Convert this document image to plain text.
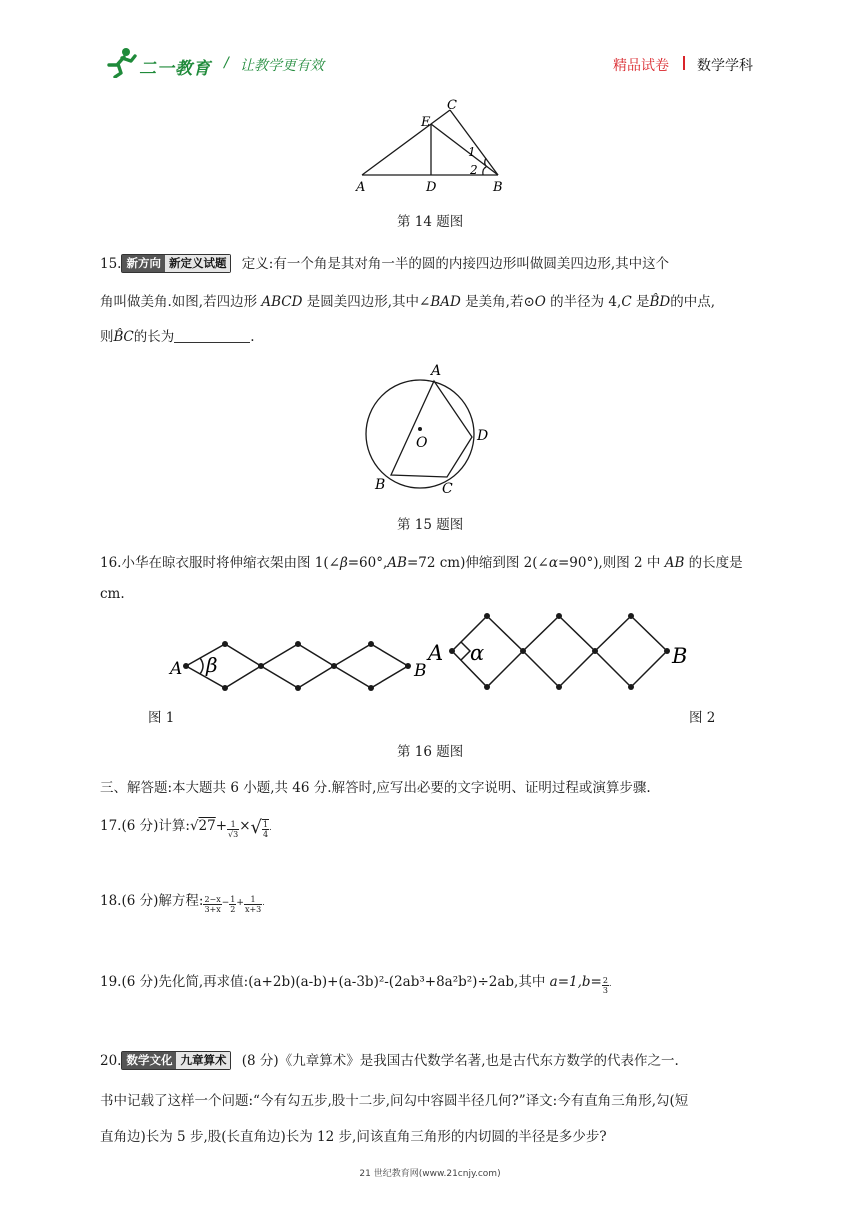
二一教育 / 让教学更有效	精品试卷 数学学科
A	D	B
E
C
1
2
第 14 题图
15. 新方向 新定义试题 定义:有一个角是其对角一半的圆的内接四边形叫做圆美四边形,其中这个
角叫做美角.如图,若四边形 ABCD 是圆美四边形,其中∠BAD 是美角,若⊙O 的半径为 4,C 是B̂D的中点,
则B̂C的长为	.
A
B	C
D
O
第 15 题图
16.小华在晾衣服时将伸缩衣架由图 1(∠β=60°,AB=72 cm)伸缩到图 2(∠α=90°),则图 2 中 AB 的长度是
cm.
A β	B
A α	B
图 1	图 2
第 16 题图
三、解答题:本大题共 6 小题,共 46 分.解答时,应写出必要的文字说明、证明过程或演算步骤.
17.(6 分)计算:√27+ $\frac{1}{√3}$ ×√ $\frac{1}{4}$ .
18.(6 分)解方程: $\frac{2-x}{3+x} - \frac{1}{2} + \frac{1}{x+3}$ .
19.(6 分)先化简,再求值:(a+2b)(a-b)+(a-3b)²-(2ab³+8a²b²)÷2ab,其中 $a=1,b= \frac{2}{3}$ .
20. 数学文化 九章算术 (8 分)《九章算术》是我国古代数学名著,也是古代东方数学的代表作之一.
书中记载了这样一个问题:“今有勾五步,股十二步,问勾中容圆半径几何?”译文:今有直角三角形,勾(短
直角边)长为 5 步,股(长直角边)长为 12 步,问该直角三角形的内切圆的半径是多少步?
21 世纪教育网(www.21cnjy.com)
